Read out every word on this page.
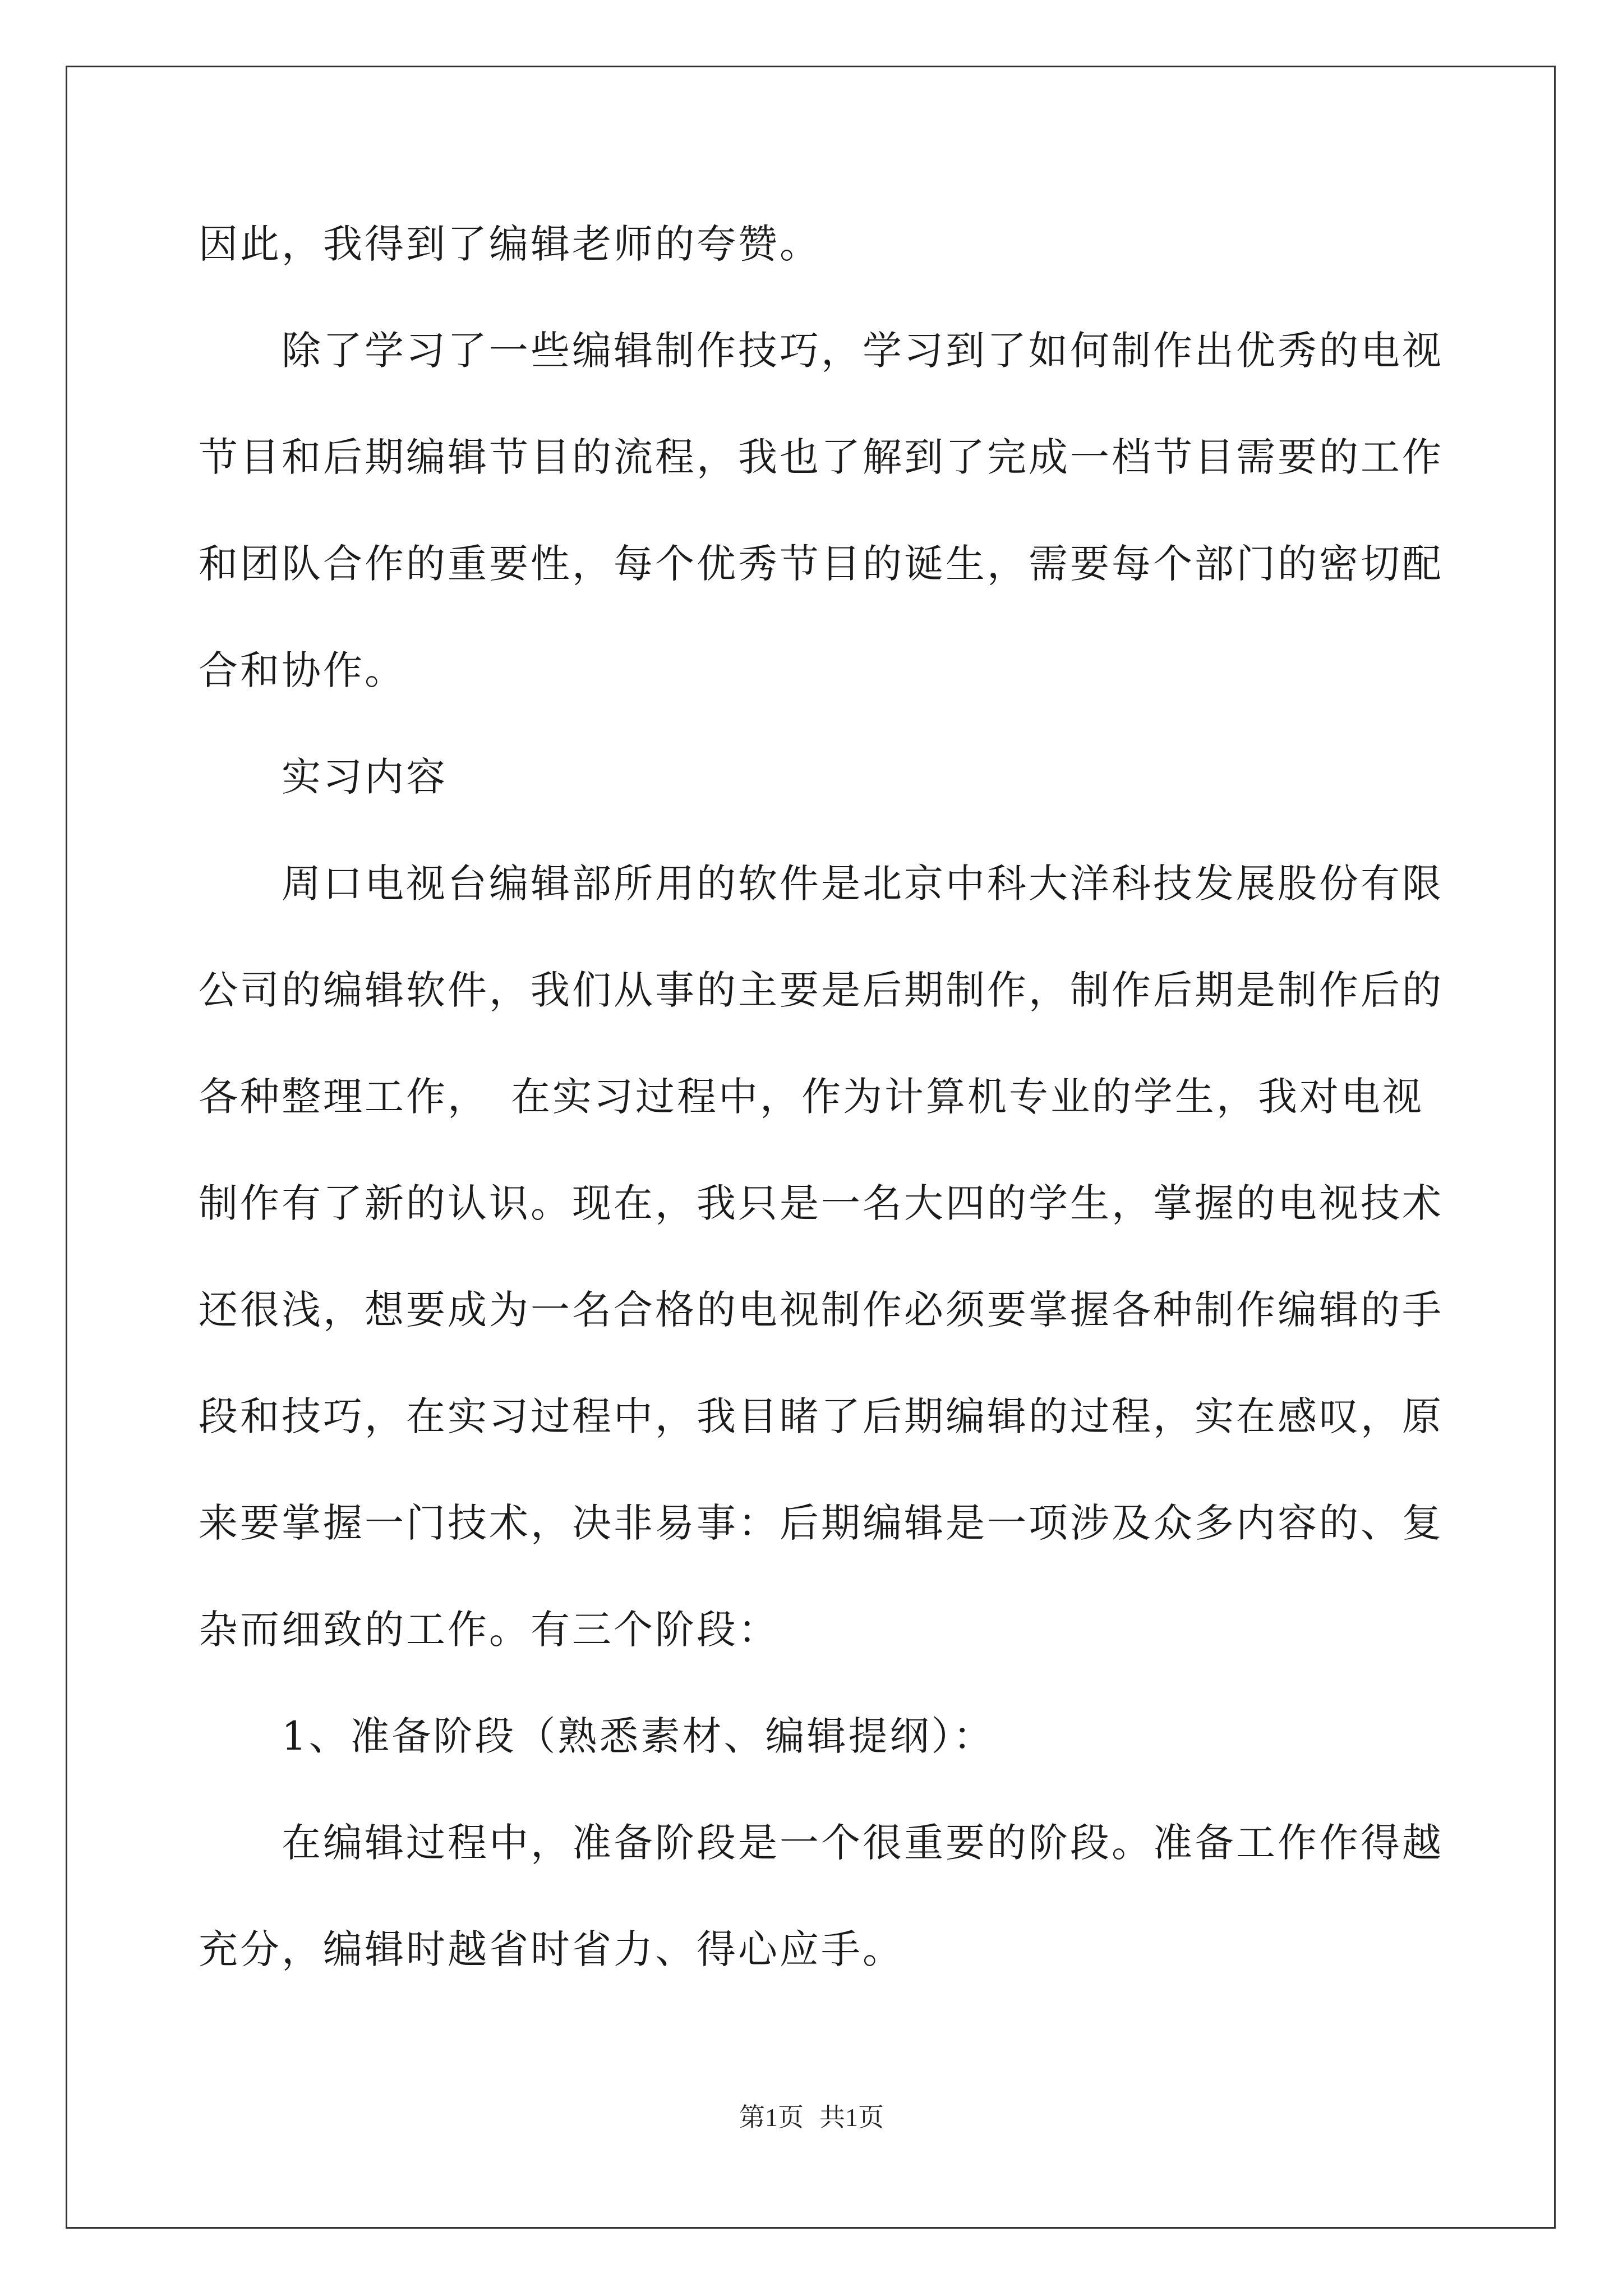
因此，我得到了编辑老师的夸赞。
除了学习了一些编辑制作技巧，学习到了如何制作出优秀的电视
节目和后期编辑节目的流程，我也了解到了完成一档节目需要的工作
和团队合作的重要性，每个优秀节目的诞生，需要每个部门的密切配
合和协作。
实习内容
周口电视台编辑部所用的软件是北京中科大洋科技发展股份有限
公司的编辑软件，我们从事的主要是后期制作，制作后期是制作后的
各种整理工作，　在实习过程中，作为计算机专业的学生，我对电视
制作有了新的认识。现在，我只是一名大四的学生，掌握的电视技术
还很浅，想要成为一名合格的电视制作必须要掌握各种制作编辑的手
段和技巧，在实习过程中，我目睹了后期编辑的过程，实在感叹，原
来要掌握一门技术，决非易事：后期编辑是一项涉及众多内容的、复
杂而细致的工作。有三个阶段：
1、准备阶段（熟悉素材、编辑提纲）：
在编辑过程中，准备阶段是一个很重要的阶段。准备工作作得越
充分，编辑时越省时省力、得心应手。
第1页 共1页
